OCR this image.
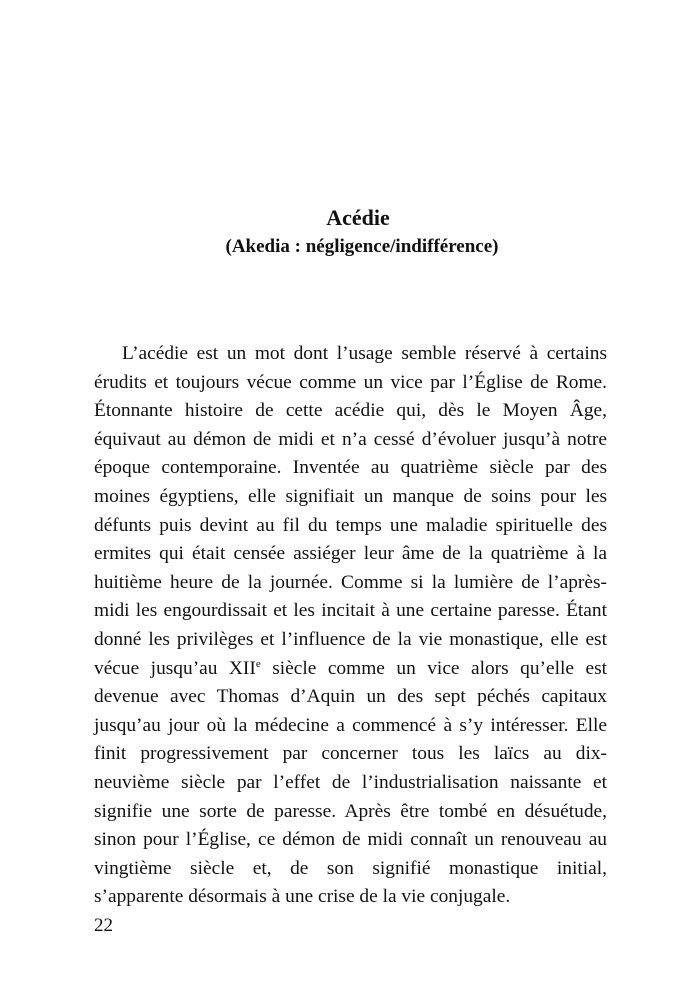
Acédie
(Akedia : négligence/indifférence)
L’acédie est un mot dont l’usage semble réservé à certains
érudits et toujours vécue comme un vice par l’Église de Rome.
Étonnante histoire de cette acédie qui, dès le Moyen Âge,
équivaut au démon de midi et n’a cessé d’évoluer jusqu’à notre
époque contemporaine. Inventée au quatrième siècle par des
moines égyptiens, elle signifiait un manque de soins pour les
défunts puis devint au fil du temps une maladie spirituelle des
ermites qui était censée assiéger leur âme de la quatrième à la
huitième heure de la journée. Comme si la lumière de l’après-
midi les engourdissait et les incitait à une certaine paresse. Étant
donné les privilèges et l’influence de la vie monastique, elle est
vécue jusqu’au XIIe siècle comme un vice alors qu’elle est
devenue avec Thomas d’Aquin un des sept péchés capitaux
jusqu’au jour où la médecine a commencé à s’y intéresser. Elle
finit progressivement par concerner tous les laïcs au dix-
neuvième siècle par l’effet de l’industrialisation naissante et
signifie une sorte de paresse. Après être tombé en désuétude,
sinon pour l’Église, ce démon de midi connaît un renouveau au
vingtième siècle et, de son signifié monastique initial,
s’apparente désormais à une crise de la vie conjugale.
22
